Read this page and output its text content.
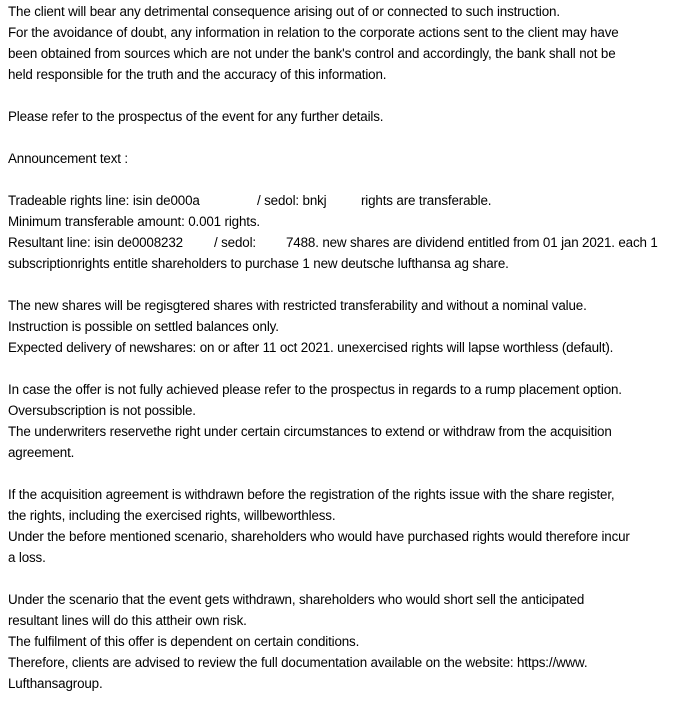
The client will bear any detrimental consequence arising out of or connected to such instruction.
For the avoidance of doubt, any information in relation to the corporate actions sent to the client may have
been obtained from sources which are not under the bank's control and accordingly, the bank shall not be
held responsible for the truth and the accuracy of this information.
Please refer to the prospectus of the event for any further details.
Announcement text :
Tradeable rights line: isin de000a	/ sedol: bnkj	rights are transferable.
Minimum transferable amount: 0.001 rights.
Resultant line: isin de0008232 / sedol: 7488. new shares are dividend entitled from 01 jan 2021. each 1
subscriptionrights entitle shareholders to purchase 1 new deutsche lufthansa ag share.
The new shares will be regisgtered shares with restricted transferability and without a nominal value.
Instruction is possible on settled balances only.
Expected delivery of newshares: on or after 11 oct 2021. unexercised rights will lapse worthless (default).
In case the offer is not fully achieved please refer to the prospectus in regards to a rump placement option.
Oversubscription is not possible.
The underwriters reservethe right under certain circumstances to extend or withdraw from the acquisition
agreement.
If the acquisition agreement is withdrawn before the registration of the rights issue with the share register,
the rights, including the exercised rights, willbeworthless.
Under the before mentioned scenario, shareholders who would have purchased rights would therefore incur
a loss.
Under the scenario that the event gets withdrawn, shareholders who would short sell the anticipated
resultant lines will do this attheir own risk.
The fulfilment of this offer is dependent on certain conditions.
Therefore, clients are advised to review the full documentation available on the website: https://www.
Lufthansagroup.
